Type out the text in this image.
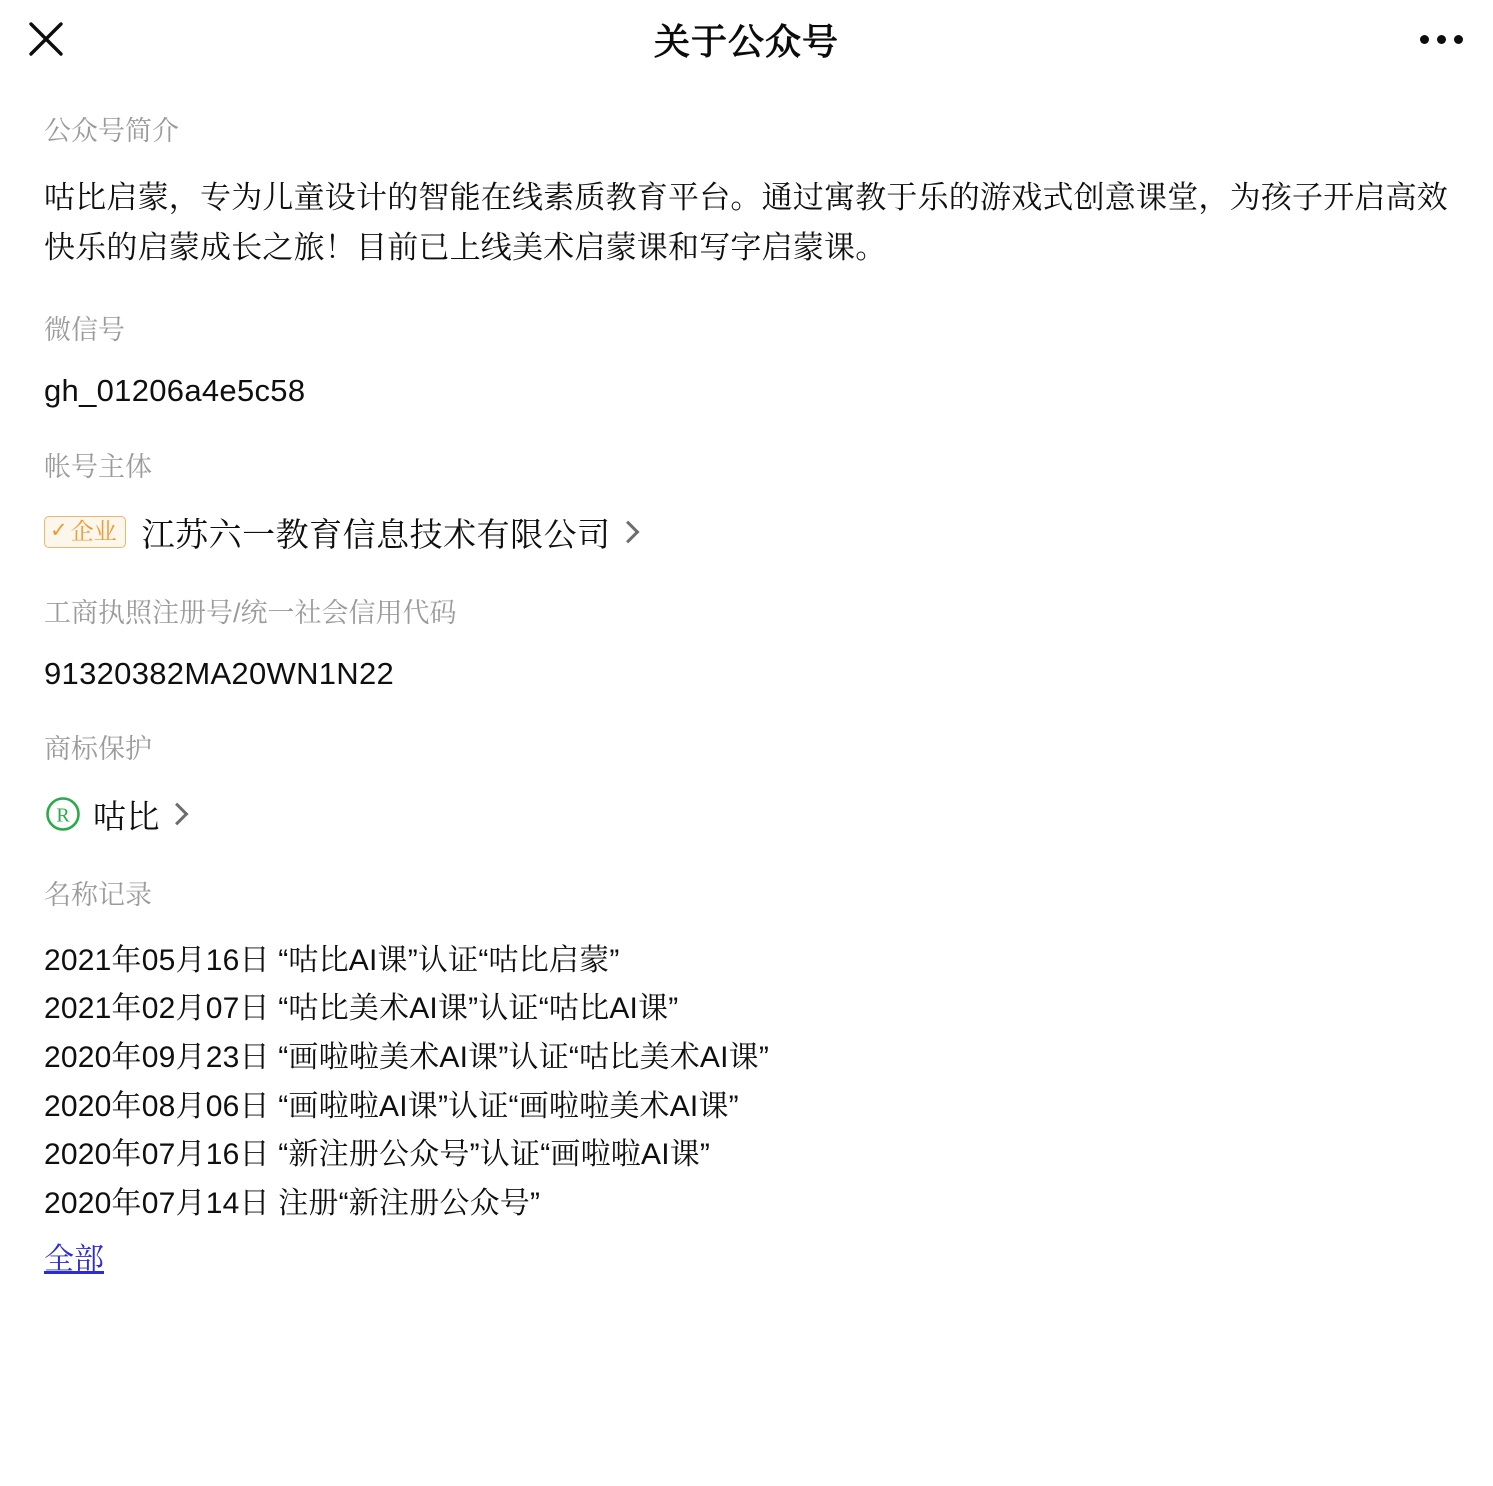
关于公众号
公众号简介
咕比启蒙，专为儿童设计的智能在线素质教育平台。通过寓教于乐的游戏式创意课堂，为孩子开启高效快乐的启蒙成长之旅！目前已上线美术启蒙课和写字启蒙课。
微信号
gh_01206a4e5c58
帐号主体
✓ 企业 江苏六一教育信息技术有限公司
工商执照注册号/统一社会信用代码
91320382MA20WN1N22
商标保护
R 咕比
名称记录
2021年05月16日 “咕比AI课”认证“咕比启蒙”
2021年02月07日 “咕比美术AI课”认证“咕比AI课”
2020年09月23日 “画啦啦美术AI课”认证“咕比美术AI课”
2020年08月06日 “画啦啦AI课”认证“画啦啦美术AI课”
2020年07月16日 “新注册公众号”认证“画啦啦AI课”
2020年07月14日 注册“新注册公众号”
全部
